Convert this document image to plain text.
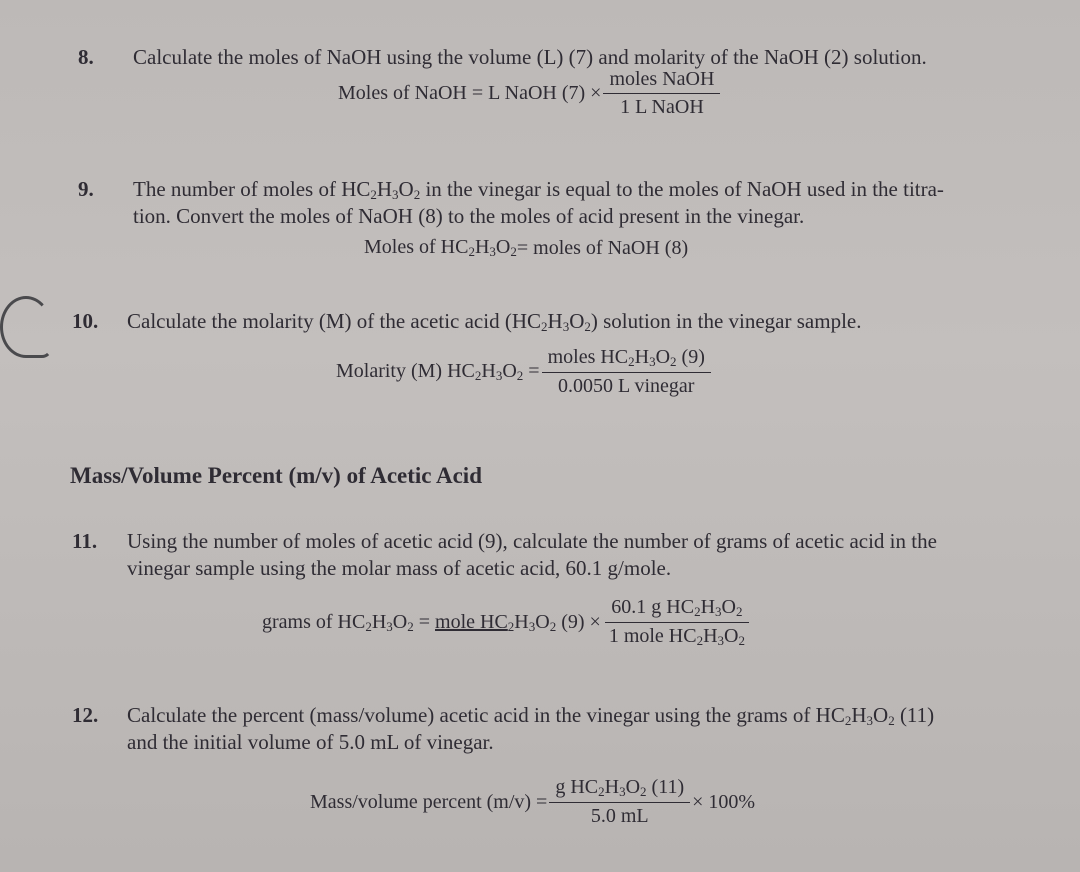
8. Calculate the moles of NaOH using the volume (L) (7) and molarity of the NaOH (2) solution.
Moles of NaOH =
L NaOH $(7) \times \frac{\text{moles NaOH}}{\text{1 L NaOH}}$
9. The number of moles of $HC_2H_3O_2$ in the vinegar is equal to the moles of NaOH used in the titra-
tion. Convert the moles of NaOH (8) to the moles of acid present in the vinegar.
Moles of $HC_2H_3O_2$ = moles of NaOH (8)
10. Calculate the molarity (M) of the acetic acid $(HC_2H_3O_2)$ solution in the vinegar sample.
Molarity (M) $HC_2H_3O_2 = \frac{moles HC_2H_3O_2 (9)}{\text{0.0050 L vinegar}}$
Mass/Volume Percent (m/v) of Acetic Acid
11. Using the number of moles of acetic acid (9), calculate the number of grams of acetic acid in the
vinegar sample using the molar mass of acetic acid, 60.1 g/mole.
grams of $HC_2H_3O_2$ = mole $HC_2H_3O_2$ $(9) \times \frac{60.1 g HC_2H_3O_2}{1 mole HC_2H_3O_2}$
12. Calculate the percent (mass/volume) acetic acid in the vinegar using the grams of $HC_2H_3O_2$ (11)
and the initial volume of 5.0 mL of vinegar.
Mass/volume percent $(m/v) = \frac{g HC_2H_3O_2 (11)}{5.0 mL} \times 100\%$
